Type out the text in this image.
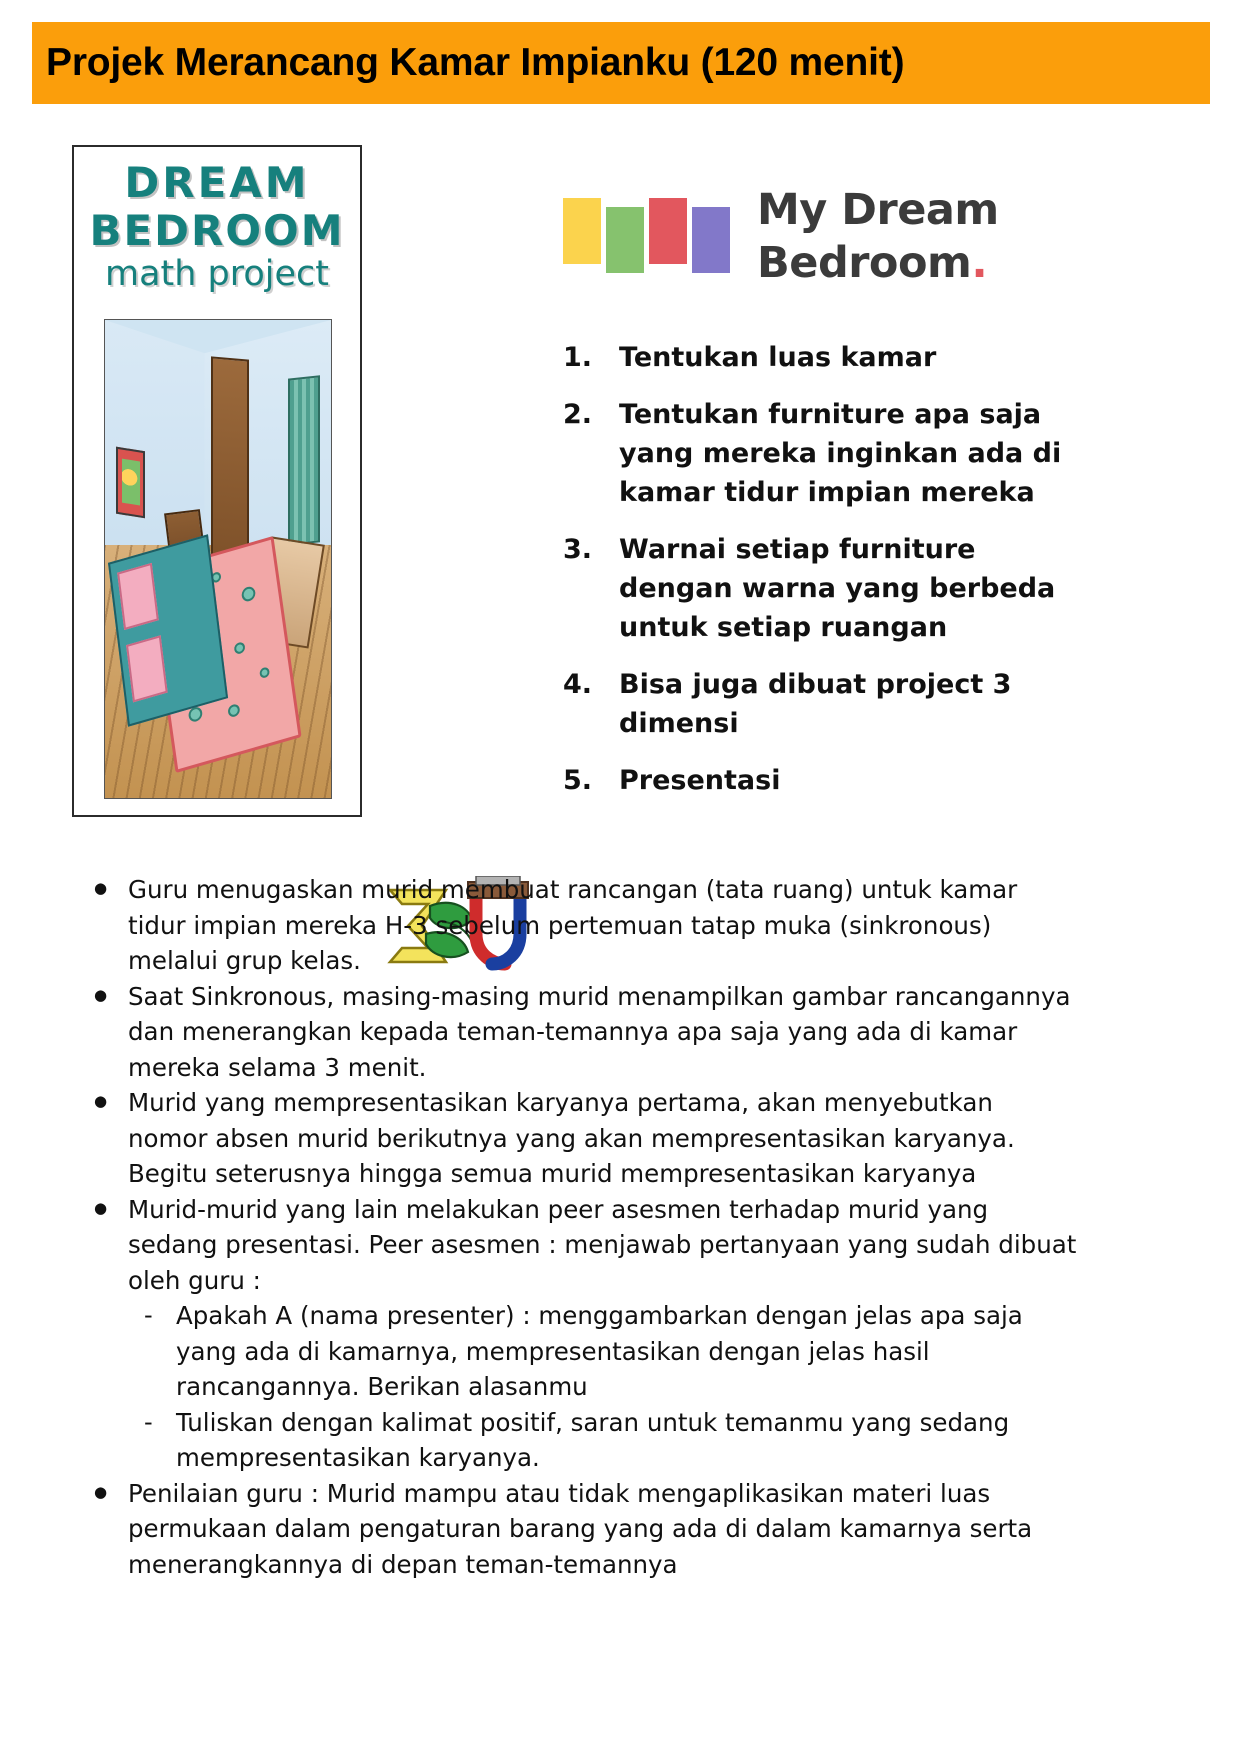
Projek Merancang Kamar Impianku (120 menit)
DREAM
BEDROOM
math project
My Dream
Bedroom.
1. Tentukan luas kamar
2. Tentukan furniture apa saja yang mereka inginkan ada di kamar tidur impian mereka
3. Warnai setiap furniture dengan warna yang berbeda untuk setiap ruangan
4. Bisa juga dibuat project 3 dimensi
5. Presentasi
● Guru menugaskan murid membuat rancangan (tata ruang) untuk kamar tidur impian mereka H-3 sebelum pertemuan tatap muka (sinkronous) melalui grup kelas.
● Saat Sinkronous, masing-masing murid menampilkan gambar rancangannya dan menerangkan kepada teman-temannya apa saja yang ada di kamar mereka selama 3 menit.
● Murid yang mempresentasikan karyanya pertama, akan menyebutkan nomor absen murid berikutnya yang akan mempresentasikan karyanya. Begitu seterusnya hingga semua murid mempresentasikan karyanya
● Murid-murid yang lain melakukan peer asesmen terhadap murid yang sedang presentasi. Peer asesmen : menjawab pertanyaan yang sudah dibuat oleh guru :
- Apakah A (nama presenter) : menggambarkan dengan jelas apa saja yang ada di kamarnya, mempresentasikan dengan jelas hasil rancangannya. Berikan alasanmu
- Tuliskan dengan kalimat positif, saran untuk temanmu yang sedang mempresentasikan karyanya.
● Penilaian guru : Murid mampu atau tidak mengaplikasikan materi luas permukaan dalam pengaturan barang yang ada di dalam kamarnya serta menerangkannya di depan teman-temannya
